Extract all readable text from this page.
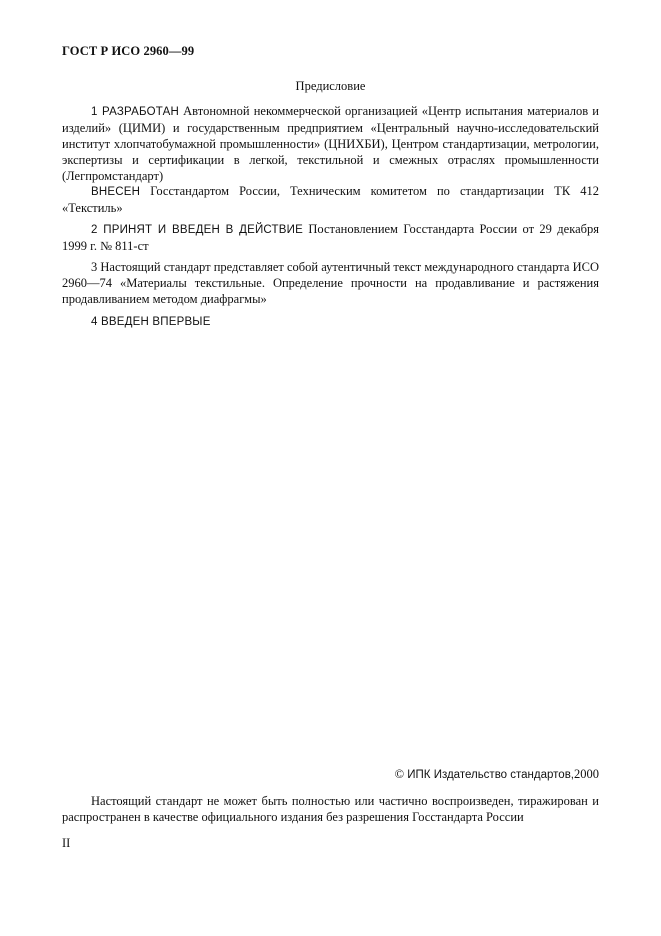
ГОСТ Р ИСО 2960—99
Предисловие
1 РАЗРАБОТАН Автономной некоммерческой организацией «Центр испытания материалов и изделий» (ЦИМИ) и государственным предприятием «Центральный научно-исследовательский институт хлопчатобумажной промышленности» (ЦНИХБИ), Центром стандартизации, метрологии, экспертизы и сертификации в легкой, текстильной и смежных отраслях промышленности (Легпромстандарт)
ВНЕСЕН Госстандартом России, Техническим комитетом по стандартизации ТК 412 «Текстиль»
2 ПРИНЯТ И ВВЕДЕН В ДЕЙСТВИЕ Постановлением Госстандарта России от 29 декабря 1999 г. № 811-ст
3 Настоящий стандарт представляет собой аутентичный текст международного стандарта ИСО 2960—74 «Материалы текстильные. Определение прочности на продавливание и растяжения продавливанием методом диафрагмы»
4 ВВЕДЕН ВПЕРВЫЕ
© ИПК Издательство стандартов,2000
Настоящий стандарт не может быть полностью или частично воспроизведен, тиражирован и распространен в качестве официального издания без разрешения Госстандарта России
II
